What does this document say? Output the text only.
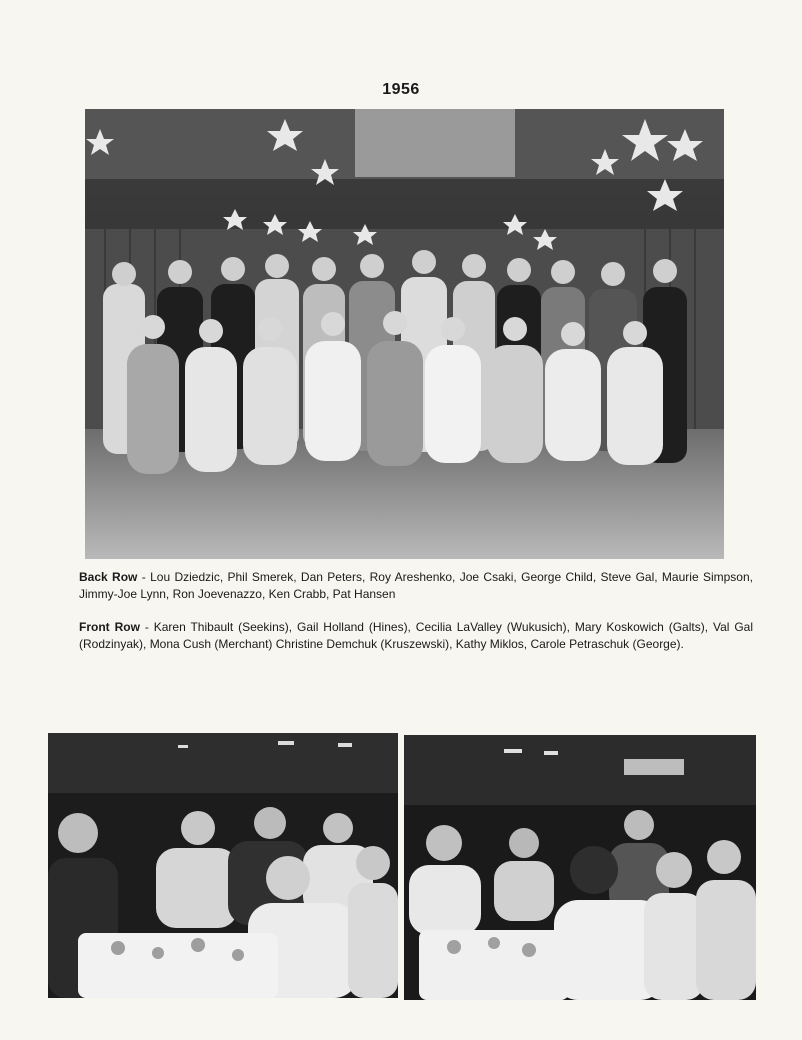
1956

Back Row - Lou Dziedzic, Phil Smerek, Dan Peters, Roy Areshenko, Joe Csaki, George Child, Steve Gal, Maurie Simpson, Jimmy-Joe Lynn, Ron Joevenazzo, Ken Crabb, Pat Hansen

Front Row - Karen Thibault (Seekins), Gail Holland (Hines), Cecilia LaValley (Wukusich), Mary Koskowich (Galts), Val Gal (Rodzinyak), Mona Cush (Merchant) Christine Demchuk (Kruszewski), Kathy Miklos, Carole Petraschuk (George).
